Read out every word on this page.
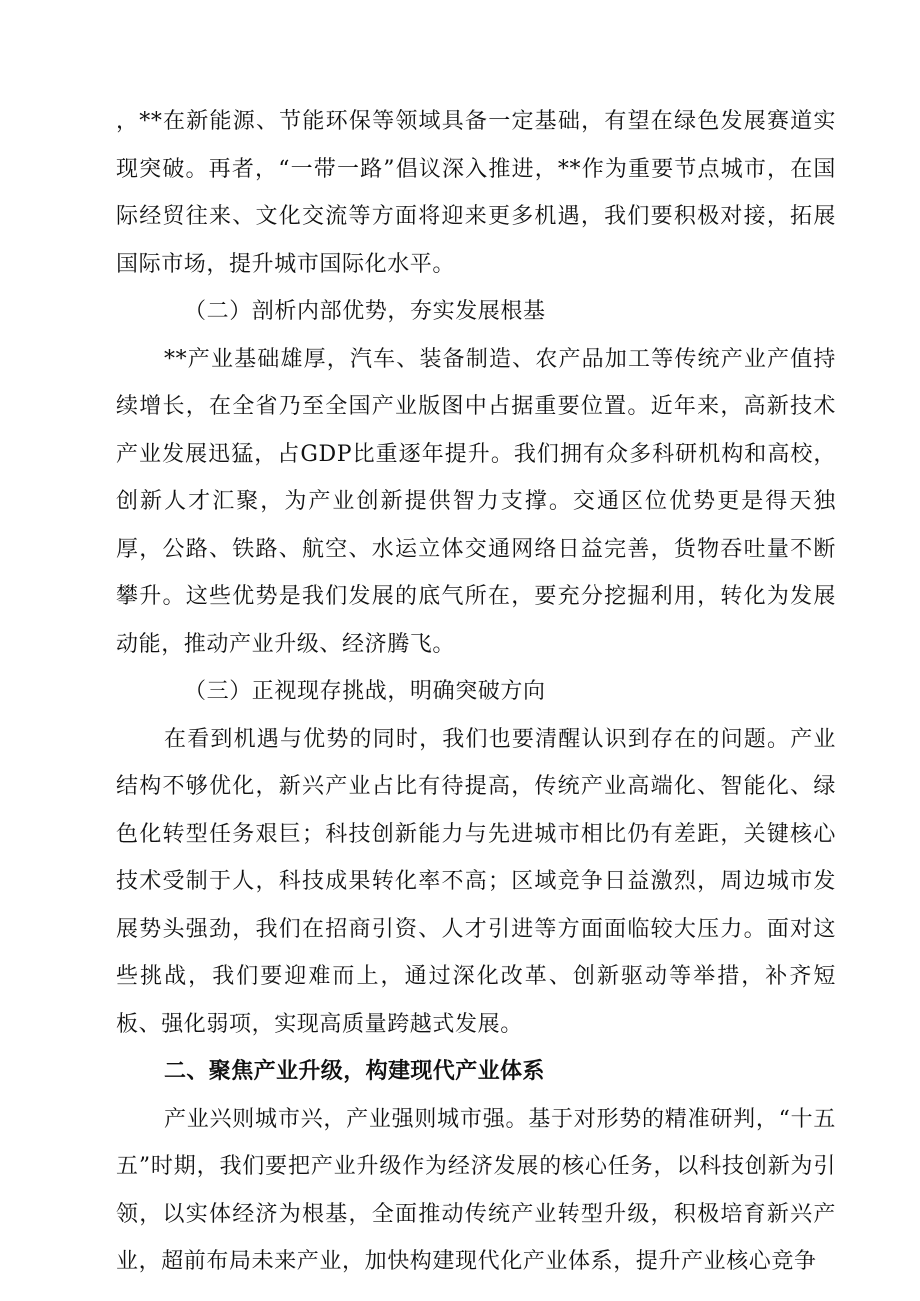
，**在新能源、节能环保等领域具备一定基础，有望在绿色发展赛道实现突破。再者，“一带一路”倡议深入推进，**作为重要节点城市，在国际经贸往来、文化交流等方面将迎来更多机遇，我们要积极对接，拓展国际市场，提升城市国际化水平。

（二）剖析内部优势，夯实发展根基

**产业基础雄厚，汽车、装备制造、农产品加工等传统产业产值持续增长，在全省乃至全国产业版图中占据重要位置。近年来，高新技术产业发展迅猛，占GDP比重逐年提升。我们拥有众多科研机构和高校，创新人才汇聚，为产业创新提供智力支撑。交通区位优势更是得天独厚，公路、铁路、航空、水运立体交通网络日益完善，货物吞吐量不断攀升。这些优势是我们发展的底气所在，要充分挖掘利用，转化为发展动能，推动产业升级、经济腾飞。

（三）正视现存挑战，明确突破方向

在看到机遇与优势的同时，我们也要清醒认识到存在的问题。产业结构不够优化，新兴产业占比有待提高，传统产业高端化、智能化、绿色化转型任务艰巨；科技创新能力与先进城市相比仍有差距，关键核心技术受制于人，科技成果转化率不高；区域竞争日益激烈，周边城市发展势头强劲，我们在招商引资、人才引进等方面面临较大压力。面对这些挑战，我们要迎难而上，通过深化改革、创新驱动等举措，补齐短板、强化弱项，实现高质量跨越式发展。

二、聚焦产业升级，构建现代产业体系

产业兴则城市兴，产业强则城市强。基于对形势的精准研判，“十五五”时期，我们要把产业升级作为经济发展的核心任务，以科技创新为引领，以实体经济为根基，全面推动传统产业转型升级，积极培育新兴产业，超前布局未来产业，加快构建现代化产业体系，提升产业核心竞争
